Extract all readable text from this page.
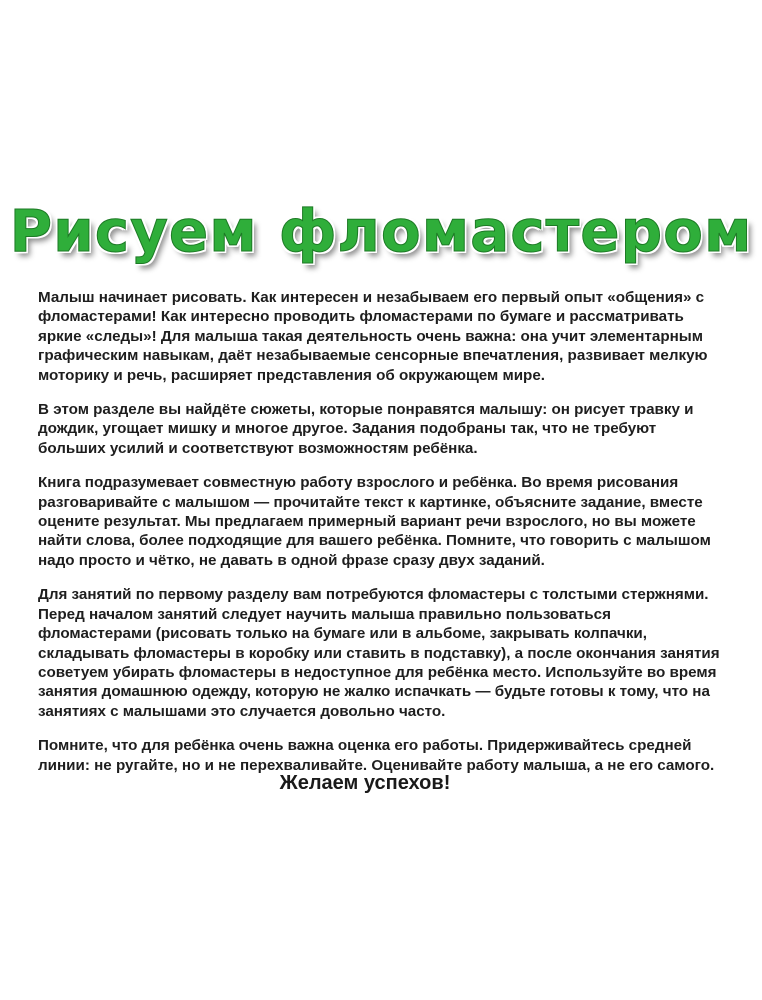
Рисуем фломастером

Малыш начинает рисовать. Как интересен и незабываем его первый опыт «общения» с фломастерами! Как интересно проводить фломастерами по бумаге и рассматривать яркие «следы»! Для малыша такая деятельность очень важна: она учит элементарным графическим навыкам, даёт незабываемые сенсорные впечатления, развивает мелкую моторику и речь, расширяет представления об окружающем мире.

В этом разделе вы найдёте сюжеты, которые понравятся малышу: он рисует травку и дождик, угощает мишку и многое другое. Задания подобраны так, что не требуют больших усилий и соответствуют возможностям ребёнка.

Книга подразумевает совместную работу взрослого и ребёнка. Во время рисования разговаривайте с малышом — прочитайте текст к картинке, объясните задание, вместе оцените результат. Мы предлагаем примерный вариант речи взрослого, но вы можете найти слова, более подходящие для вашего ребёнка. Помните, что говорить с малышом надо просто и чётко, не давать в одной фразе сразу двух заданий.

Для занятий по первому разделу вам потребуются фломастеры с толстыми стержнями. Перед началом занятий следует научить малыша правильно пользоваться фломастерами (рисовать только на бумаге или в альбоме, закрывать колпачки, складывать фломастеры в коробку или ставить в подставку), а после окончания занятия советуем убирать фломастеры в недоступное для ребёнка место. Используйте во время занятия домашнюю одежду, которую не жалко испачкать — будьте готовы к тому, что на занятиях с малышами это случается довольно часто.

Помните, что для ребёнка очень важна оценка его работы. Придерживайтесь средней линии: не ругайте, но и не перехваливайте. Оценивайте работу малыша, а не его самого.

Желаем успехов!
